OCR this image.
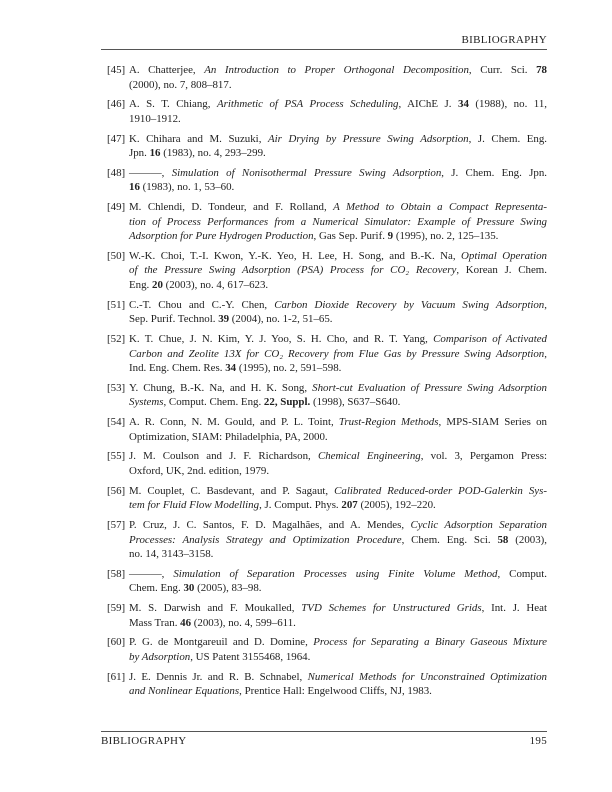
BIBLIOGRAPHY
[45] A. Chatterjee, An Introduction to Proper Orthogonal Decomposition, Curr. Sci. 78
(2000), no. 7, 808–817.
[46] A. S. T. Chiang, Arithmetic of PSA Process Scheduling, AIChE J. 34 (1988), no. 11,
1910–1912.
[47] K. Chihara and M. Suzuki, Air Drying by Pressure Swing Adsorption, J. Chem. Eng.
Jpn. 16 (1983), no. 4, 293–299.
[48] ———, Simulation of Nonisothermal Pressure Swing Adsorption, J. Chem. Eng. Jpn.
16 (1983), no. 1, 53–60.
[49] M. Chlendi, D. Tondeur, and F. Rolland, A Method to Obtain a Compact Representa-
tion of Process Performances from a Numerical Simulator: Example of Pressure Swing
Adsorption for Pure Hydrogen Production, Gas Sep. Purif. 9 (1995), no. 2, 125–135.
[50] W.-K. Choi, T.-I. Kwon, Y.-K. Yeo, H. Lee, H. Song, and B.-K. Na, Optimal Operation
of the Pressure Swing Adsorption (PSA) Process for CO₂ Recovery, Korean J. Chem.
Eng. 20 (2003), no. 4, 617–623.
[51] C.-T. Chou and C.-Y. Chen, Carbon Dioxide Recovery by Vacuum Swing Adsorption,
Sep. Purif. Technol. 39 (2004), no. 1-2, 51–65.
[52] K. T. Chue, J. N. Kim, Y. J. Yoo, S. H. Cho, and R. T. Yang, Comparison of Activated
Carbon and Zeolite 13X for CO₂ Recovery from Flue Gas by Pressure Swing Adsorption,
Ind. Eng. Chem. Res. 34 (1995), no. 2, 591–598.
[53] Y. Chung, B.-K. Na, and H. K. Song, Short-cut Evaluation of Pressure Swing Adsorption
Systems, Comput. Chem. Eng. 22, Suppl. (1998), S637–S640.
[54] A. R. Conn, N. M. Gould, and P. L. Toint, Trust-Region Methods, MPS-SIAM Series on
Optimization, SIAM: Philadelphia, PA, 2000.
[55] J. M. Coulson and J. F. Richardson, Chemical Engineering, vol. 3, Pergamon Press:
Oxford, UK, 2nd. edition, 1979.
[56] M. Couplet, C. Basdevant, and P. Sagaut, Calibrated Reduced-order POD-Galerkin Sys-
tem for Fluid Flow Modelling, J. Comput. Phys. 207 (2005), 192–220.
[57] P. Cruz, J. C. Santos, F. D. Magalhães, and A. Mendes, Cyclic Adsorption Separation
Processes: Analysis Strategy and Optimization Procedure, Chem. Eng. Sci. 58 (2003),
no. 14, 3143–3158.
[58] ———, Simulation of Separation Processes using Finite Volume Method, Comput.
Chem. Eng. 30 (2005), 83–98.
[59] M. S. Darwish and F. Moukalled, TVD Schemes for Unstructured Grids, Int. J. Heat
Mass Tran. 46 (2003), no. 4, 599–611.
[60] P. G. de Montgareuil and D. Domine, Process for Separating a Binary Gaseous Mixture
by Adsorption, US Patent 3155468, 1964.
[61] J. E. Dennis Jr. and R. B. Schnabel, Numerical Methods for Unconstrained Optimization
and Nonlinear Equations, Prentice Hall: Engelwood Cliffs, NJ, 1983.
BIBLIOGRAPHY	195
